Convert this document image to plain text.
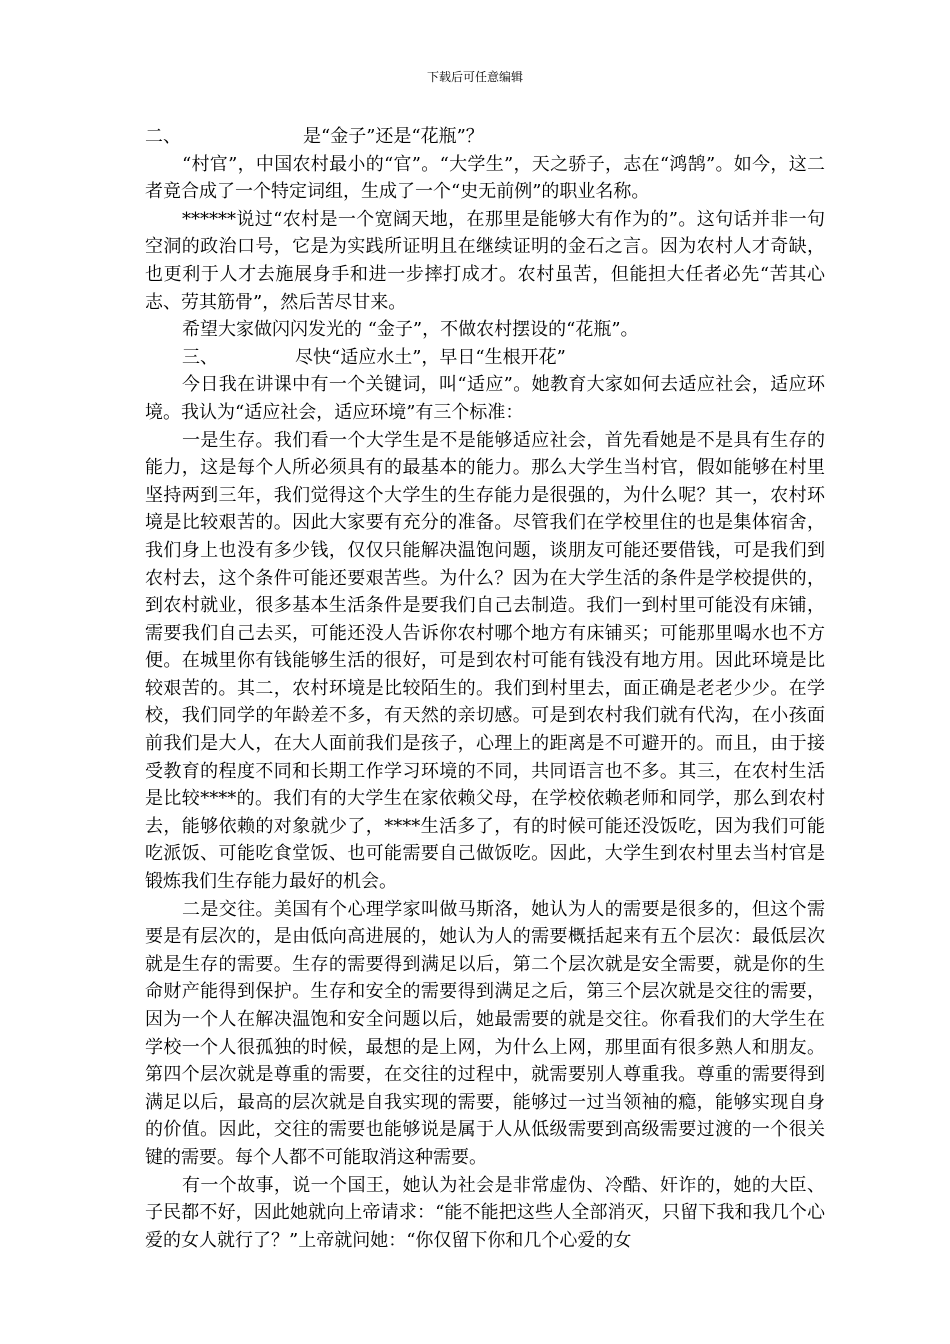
下载后可任意编辑

二、	是“金子”还是“花瓶”？

“村官”，中国农村最小的“官”。“大学生”，天之骄子，志在“鸿鹄”。如今，这二者竟合成了一个特定词组，生成了一个“史无前例”的职业名称。

******说过“农村是一个宽阔天地，在那里是能够大有作为的”。这句话并非一句空洞的政治口号，它是为实践所证明且在继续证明的金石之言。因为农村人才奇缺，也更利于人才去施展身手和进一步摔打成才。农村虽苦，但能担大任者必先“苦其心志、劳其筋骨”，然后苦尽甘来。

希望大家做闪闪发光的 “金子”，不做农村摆设的“花瓶”。

三、	尽快“适应水土”，早日“生根开花”

今日我在讲课中有一个关键词，叫“适应”。她教育大家如何去适应社会，适应环境。我认为“适应社会，适应环境”有三个标准：

一是生存。我们看一个大学生是不是能够适应社会，首先看她是不是具有生存的能力，这是每个人所必须具有的最基本的能力。那么大学生当村官，假如能够在村里坚持两到三年，我们觉得这个大学生的生存能力是很强的，为什么呢？其一，农村环境是比较艰苦的。因此大家要有充分的准备。尽管我们在学校里住的也是集体宿舍，我们身上也没有多少钱，仅仅只能解决温饱问题，谈朋友可能还要借钱，可是我们到农村去，这个条件可能还要艰苦些。为什么？因为在大学生活的条件是学校提供的，到农村就业，很多基本生活条件是要我们自己去制造。我们一到村里可能没有床铺，需要我们自己去买，可能还没人告诉你农村哪个地方有床铺买；可能那里喝水也不方便。在城里你有钱能够生活的很好，可是到农村可能有钱没有地方用。因此环境是比较艰苦的。其二，农村环境是比较陌生的。我们到村里去，面正确是老老少少。在学校，我们同学的年龄差不多，有天然的亲切感。可是到农村我们就有代沟，在小孩面前我们是大人，在大人面前我们是孩子，心理上的距离是不可避开的。而且，由于接受教育的程度不同和长期工作学习环境的不同，共同语言也不多。其三，在农村生活是比较****的。我们有的大学生在家依赖父母，在学校依赖老师和同学，那么到农村去，能够依赖的对象就少了，****生活多了，有的时候可能还没饭吃，因为我们可能吃派饭、可能吃食堂饭、也可能需要自己做饭吃。因此，大学生到农村里去当村官是锻炼我们生存能力最好的机会。

二是交往。美国有个心理学家叫做马斯洛，她认为人的需要是很多的，但这个需要是有层次的，是由低向高进展的，她认为人的需要概括起来有五个层次：最低层次就是生存的需要。生存的需要得到满足以后，第二个层次就是安全需要，就是你的生命财产能得到保护。生存和安全的需要得到满足之后，第三个层次就是交往的需要，因为一个人在解决温饱和安全问题以后，她最需要的就是交往。你看我们的大学生在学校一个人很孤独的时候，最想的是上网，为什么上网，那里面有很多熟人和朋友。第四个层次就是尊重的需要，在交往的过程中，就需要别人尊重我。尊重的需要得到满足以后，最高的层次就是自我实现的需要，能够过一过当领袖的瘾，能够实现自身的价值。因此，交往的需要也能够说是属于人从低级需要到高级需要过渡的一个很关键的需要。每个人都不可能取消这种需要。

有一个故事，说一个国王，她认为社会是非常虚伪、冷酷、奸诈的，她的大臣、子民都不好，因此她就向上帝请求：“能不能把这些人全部消灭，只留下我和我几个心爱的女人就行了？”上帝就问她：“你仅留下你和几个心爱的女
